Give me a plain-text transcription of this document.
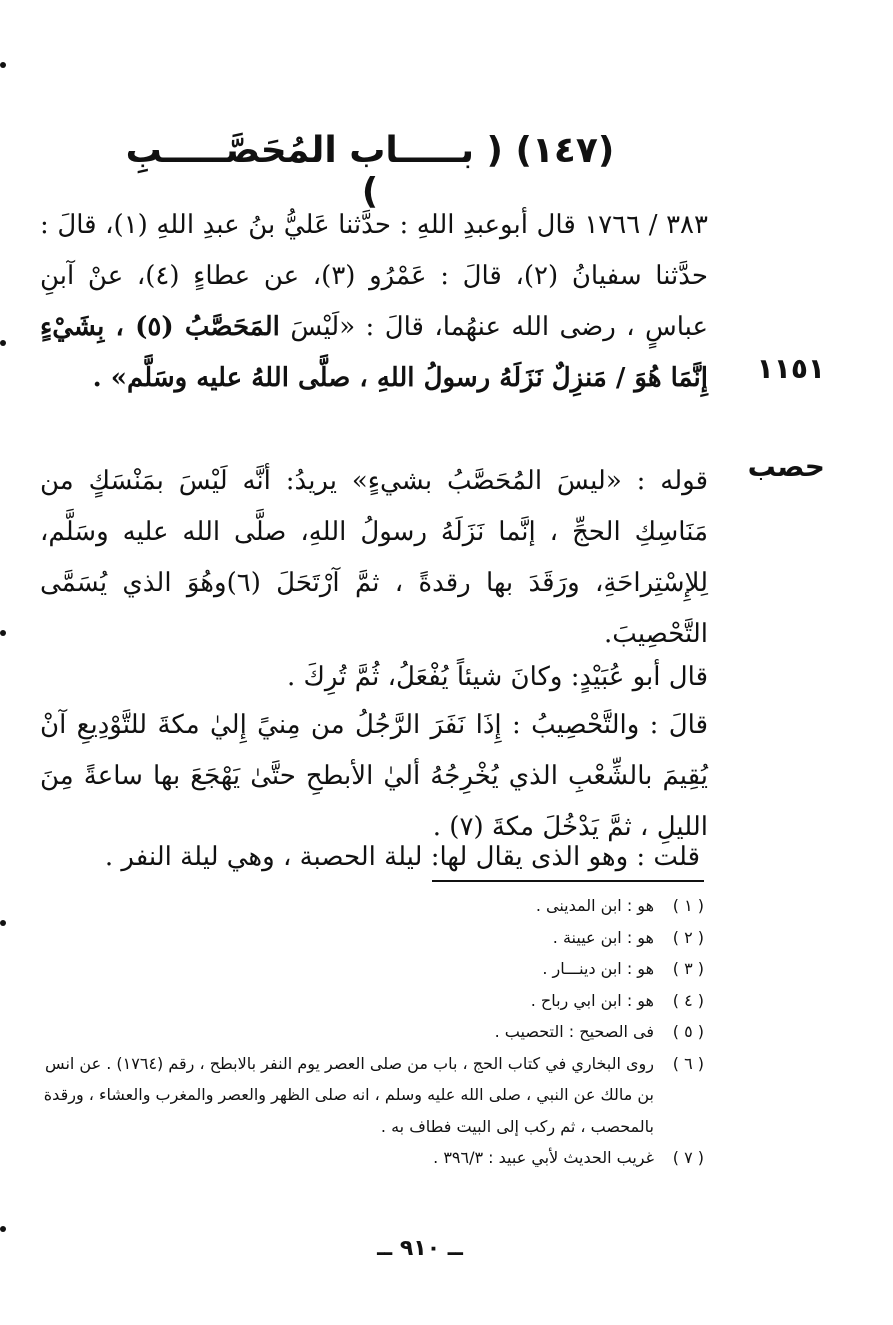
(١٤٧) ( بـــــاب المُحَصَّـــــبِ )
٣٨٣ / ١٧٦٦ قال أبوعبدِ اللهِ : حدَّثنا عَليُّ بنُ عبدِ اللهِ (١)، قالَ : حدَّثنا سفيانُ (٢)، قالَ : عَمْرُو (٣)، عن عطاءٍ (٤)، عنْ آبنِ عباسٍ ، رضى الله عنهُما، قالَ : «لَيْسَ المَحَصَّبُ (٥) ، بِشَيْءٍ إِنَّمَا هُوَ / مَنزِلٌ نَزَلَهُ رسولُ اللهِ ، صلَّى اللهُ عليه وسَلَّم» . ١١٥١
حصب
قوله : «ليسَ المُحَصَّبُ بشيءٍ» يريدُ: أنَّه لَيْسَ بمَنْسَكٍ من مَنَاسِكِ الحجِّ ، إنَّما نَزَلَهُ رسولُ اللهِ، صلَّى الله عليه وسَلَّم، لِلإِسْتِراحَةِ، ورَقَدَ بها رقدةً ، ثمَّ آرْتَحَلَ (٦)وهُوَ الذي يُسَمَّى التَّحْصِيبَ.
قال أبو عُبَيْدٍ: وكانَ شيئاً يُفْعَلُ، ثُمَّ تُرِكَ .
قالَ : والتَّحْصِيبُ : إِذَا نَفَرَ الرَّجُلُ من مِنيً إِليٰ مكةَ للتَّوْدِيعِ آنْ يُقِيمَ بالشِّعْبِ الذي يُخْرِجُهُ أليٰ الأبطحِ حتَّىٰ يَهْجَعَ بها ساعةً مِنَ الليلِ ، ثمَّ يَدْخُلَ مكةَ (٧) .
قلت : وهو الذى يقال لها: ليلة الحصبة ، وهي ليلة النفر .
( ١ )
هو : ابن المدينى .
( ٢ )
هو : ابن عيينة .
( ٣ )
هو : ابن دينـــار .
( ٤ )
هو : ابن ابي رباح .
( ٥ )
فى الصحيح : التحصيب .
( ٦ )
روى البخاري في كتاب الحج ، باب من صلى العصر يوم النفر بالابطح ، رقم (١٧٦٤) . عن انس بن مالك عن النبي ، صلى الله عليه وسلم ، انه صلى الظهر والعصر والمغرب والعشاء ، ورقدة بالمحصب ، ثم ركب إلى البيت فطاف به .
( ٧ )
غريب الحديث لأبي عبيد : ٣٩٦/٣ .
ــ ٩١٠ ــ
